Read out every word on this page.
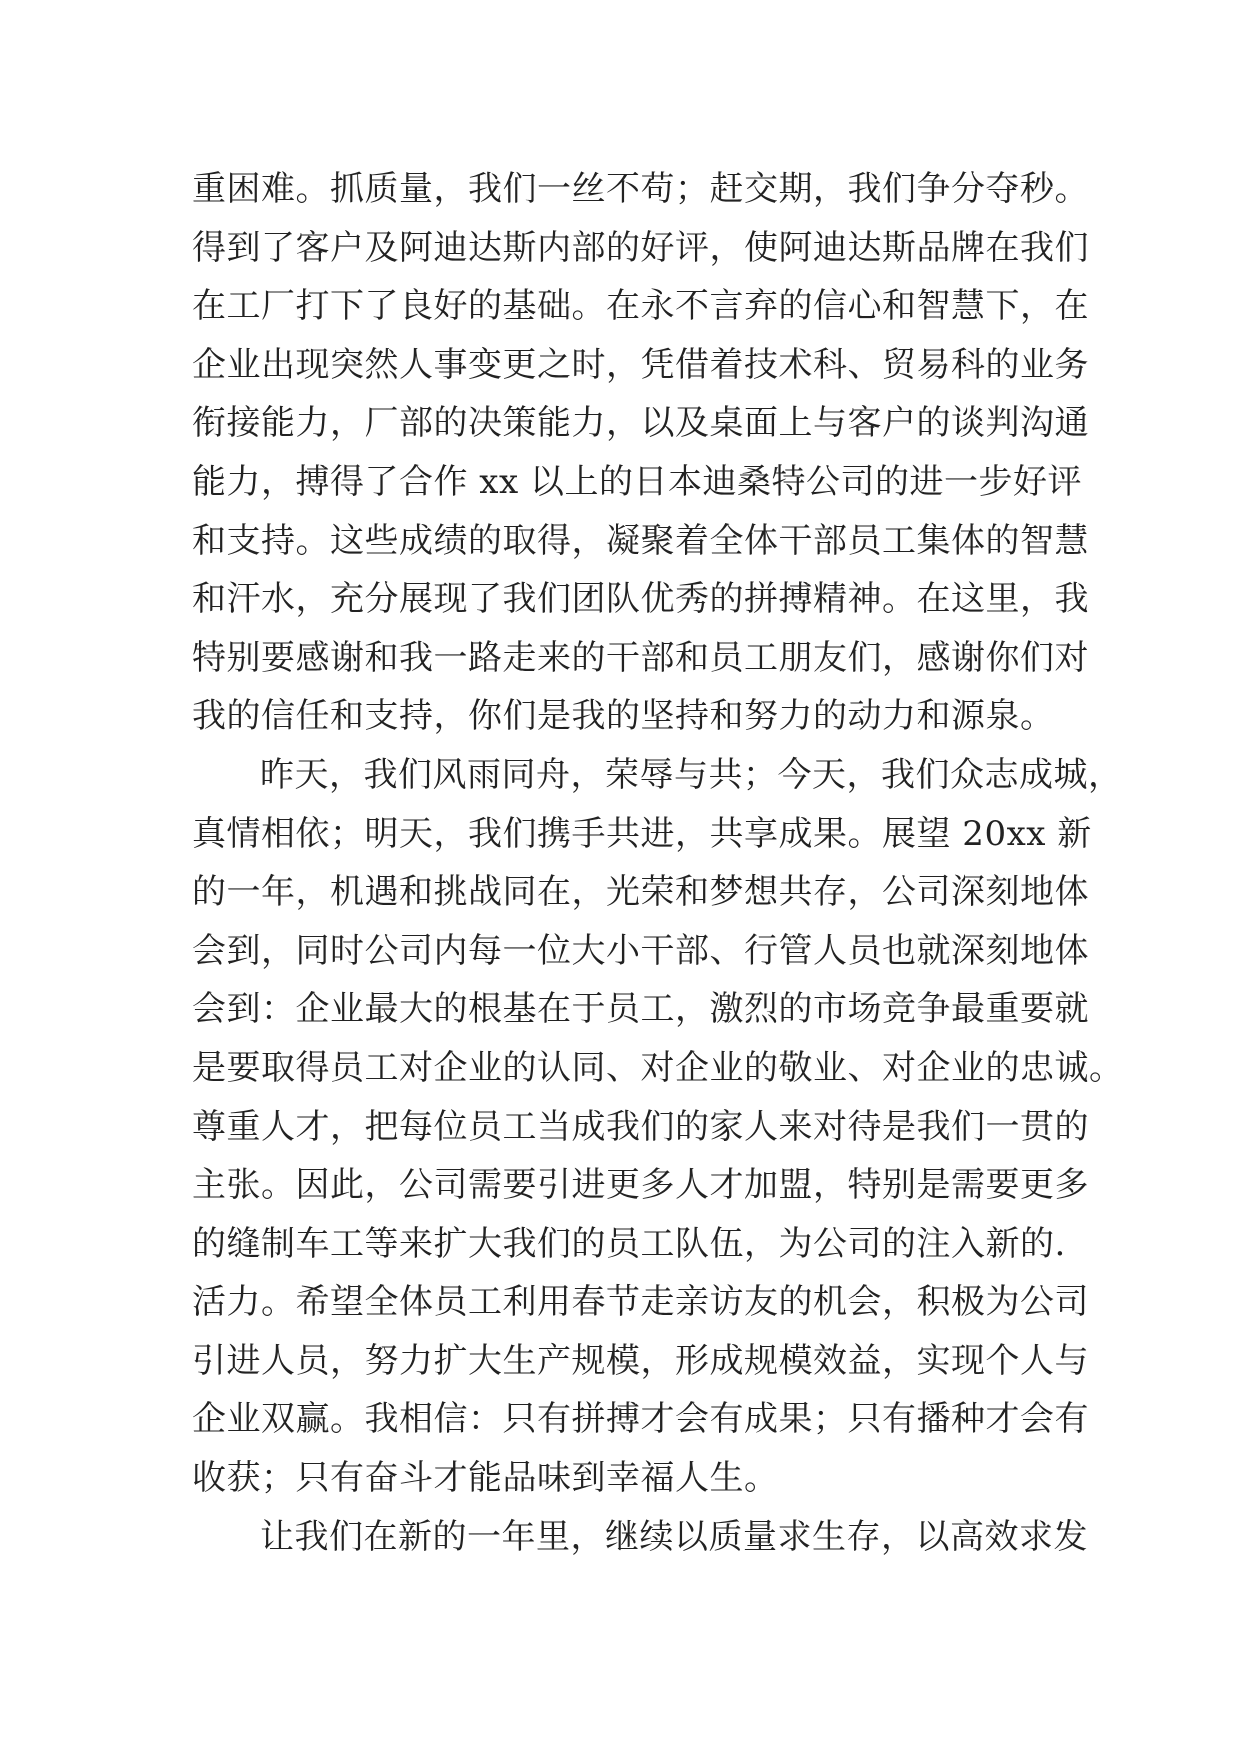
重困难。抓质量，我们一丝不苟；赶交期，我们争分夺秒。
得到了客户及阿迪达斯内部的好评，使阿迪达斯品牌在我们
在工厂打下了良好的基础。在永不言弃的信心和智慧下，在
企业出现突然人事变更之时，凭借着技术科、贸易科的业务
衔接能力，厂部的决策能力，以及桌面上与客户的谈判沟通
能力，搏得了合作 xx 以上的日本迪桑特公司的进一步好评
和支持。这些成绩的取得，凝聚着全体干部员工集体的智慧
和汗水，充分展现了我们团队优秀的拼搏精神。在这里，我
特别要感谢和我一路走来的干部和员工朋友们，感谢你们对
我的信任和支持，你们是我的坚持和努力的动力和源泉。
昨天，我们风雨同舟，荣辱与共；今天，我们众志成城，
真情相依；明天，我们携手共进，共享成果。展望 20xx 新
的一年，机遇和挑战同在，光荣和梦想共存，公司深刻地体
会到，同时公司内每一位大小干部、行管人员也就深刻地体
会到：企业最大的根基在于员工，激烈的市场竞争最重要就
是要取得员工对企业的认同、对企业的敬业、对企业的忠诚。
尊重人才，把每位员工当成我们的家人来对待是我们一贯的
主张。因此，公司需要引进更多人才加盟，特别是需要更多
的缝制车工等来扩大我们的员工队伍，为公司的注入新的.
活力。希望全体员工利用春节走亲访友的机会，积极为公司
引进人员，努力扩大生产规模，形成规模效益，实现个人与
企业双赢。我相信：只有拼搏才会有成果；只有播种才会有
收获；只有奋斗才能品味到幸福人生。
让我们在新的一年里，继续以质量求生存，以高效求发
